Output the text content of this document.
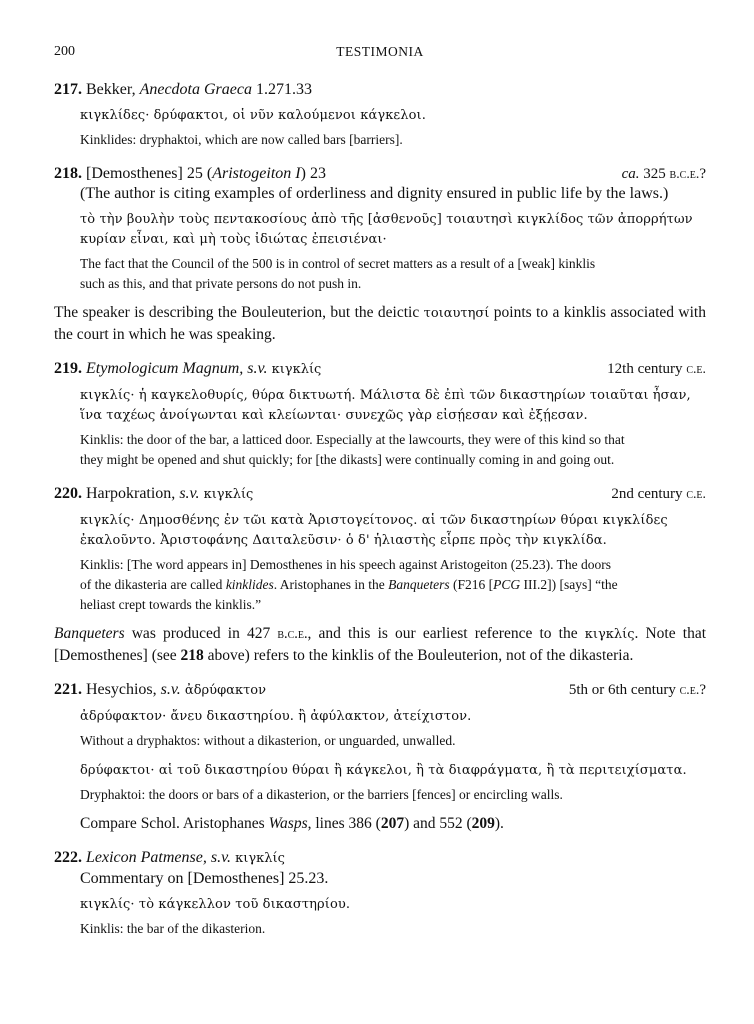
200	TESTIMONIA
217. Bekker, Anecdota Graeca 1.271.33
κιγκλίδες· δρύφακτοι, οἱ νῦν καλούμενοι κάγκελοι.
Kinklides: dryphaktoi, which are now called bars [barriers].
218. [Demosthenes] 25 (Aristogeiton I) 23	ca. 325 b.c.e.?
(The author is citing examples of orderliness and dignity ensured in public life by the laws.)
τὸ τὴν βουλὴν τοὺς πεντακοσίους ἀπὸ τῆς [ἀσθενοῦς] τοιαυτησὶ κιγκλίδος τῶν ἀπορρήτων
κυρίαν εἶναι, καὶ μὴ τοὺς ἰδιώτας ἐπεισιέναι·
The fact that the Council of the 500 is in control of secret matters as a result of a [weak] kinklis
such as this, and that private persons do not push in.
The speaker is describing the Bouleuterion, but the deictic τοιαυτησί points to a kinklis associated with the court in which he was speaking.
219. Etymologicum Magnum, s.v. κιγκλίς	12th century c.e.
κιγκλίς· ἡ καγκελοθυρίς, θύρα δικτυωτή. Μάλιστα δὲ ἐπὶ τῶν δικαστηρίων τοιαῦται ἦσαν,
ἵνα ταχέως ἀνοίγωνται καὶ κλείωνται· συνεχῶς γὰρ εἰσῄεσαν καὶ ἐξῄεσαν.
Kinklis: the door of the bar, a latticed door. Especially at the lawcourts, they were of this kind so that
they might be opened and shut quickly; for [the dikasts] were continually coming in and going out.
220. Harpokration, s.v. κιγκλίς	2nd century c.e.
κιγκλίς· Δημοσθένης ἐν τῶι κατὰ Ἀριστογείτονος. αἱ τῶν δικαστηρίων θύραι κιγκλίδες
ἐκαλοῦντο. Ἀριστοφάνης Δαιταλεῦσιν· ὁ δ' ἡλιαστὴς εἷρπε πρὸς τὴν κιγκλίδα.
Kinklis: [The word appears in] Demosthenes in his speech against Aristogeiton (25.23). The doors
of the dikasteria are called kinklides. Aristophanes in the Banqueters (F216 [PCG III.2]) [says] “the
heliast crept towards the kinklis.”
Banqueters was produced in 427 b.c.e., and this is our earliest reference to the κιγκλίς. Note that [Demosthenes] (see 218 above) refers to the kinklis of the Bouleuterion, not of the dikasteria.
221. Hesychios, s.v. ἀδρύφακτον	5th or 6th century c.e.?
ἀδρύφακτον· ἄνευ δικαστηρίου. ἢ ἀφύλακτον, ἀτείχιστον.
Without a dryphaktos: without a dikasterion, or unguarded, unwalled.
δρύφακτοι· αἱ τοῦ δικαστηρίου θύραι ἢ κάγκελοι, ἢ τὰ διαφράγματα, ἢ τὰ περιτειχίσματα.
Dryphaktoi: the doors or bars of a dikasterion, or the barriers [fences] or encircling walls.
Compare Schol. Aristophanes Wasps, lines 386 (207) and 552 (209).
222. Lexicon Patmense, s.v. κιγκλίς
Commentary on [Demosthenes] 25.23.
κιγκλίς· τὸ κάγκελλον τοῦ δικαστηρίου.
Kinklis: the bar of the dikasterion.
